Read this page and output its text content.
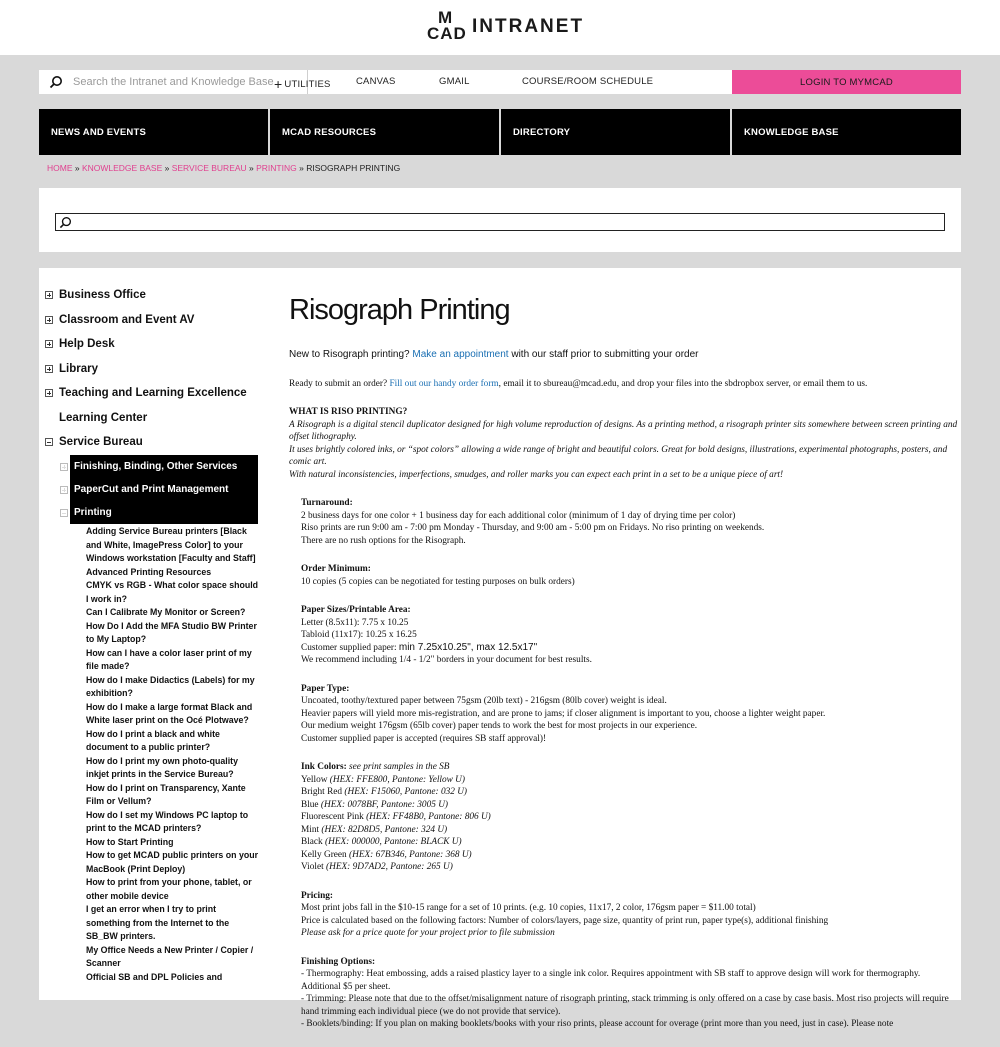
M
CAD INTRANET
Search the Intranet and Knowledge Base
+ UTILITIES	CANVAS	GMAIL	COURSE/ROOM SCHEDULE	LOGIN TO MYMCAD
NEWS AND EVENTS	MCAD RESOURCES	DIRECTORY	KNOWLEDGE BASE
HOME » KNOWLEDGE BASE » SERVICE BUREAU » PRINTING » RISOGRAPH PRINTING
Business Office
Classroom and Event AV
Help Desk
Library
Teaching and Learning Excellence
Learning Center
Service Bureau
Finishing, Binding, Other Services
PaperCut and Print Management
Printing
Adding Service Bureau printers [Black and White, ImagePress Color] to your Windows workstation [Faculty and Staff]
Advanced Printing Resources
CMYK vs RGB - What color space should I work in?
Can I Calibrate My Monitor or Screen?
How Do I Add the MFA Studio BW Printer to My Laptop?
How can I have a color laser print of my file made?
How do I make Didactics (Labels) for my exhibition?
How do I make a large format Black and White laser print on the Océ Plotwave?
How do I print a black and white document to a public printer?
How do I print my own photo-quality inkjet prints in the Service Bureau?
How do I print on Transparency, Xante Film or Vellum?
How do I set my Windows PC laptop to print to the MCAD printers?
How to Start Printing
How to get MCAD public printers on your MacBook (Print Deploy)
How to print from your phone, tablet, or other mobile device
I get an error when I try to print something from the Internet to the SB_BW printers.
My Office Needs a New Printer / Copier / Scanner
Official SB and DPL Policies and
Risograph Printing

New to Risograph printing? Make an appointment with our staff prior to submitting your order

Ready to submit an order? Fill out our handy order form, email it to sbureau@mcad.edu, and drop your files into the sbdropbox server, or email them to us.

WHAT IS RISO PRINTING?
A Risograph is a digital stencil duplicator designed for high volume reproduction of designs. As a printing method, a risograph printer sits somewhere between screen printing and offset lithography.
It uses brightly colored inks, or “spot colors” allowing a wide range of bright and beautiful colors. Great for bold designs, illustrations, experimental photographs, posters, and comic art.
With natural inconsistencies, imperfections, smudges, and roller marks you can expect each print in a set to be a unique piece of art!
Turnaround:
2 business days for one color + 1 business day for each additional color (minimum of 1 day of drying time per color)
Riso prints are run 9:00 am - 7:00 pm Monday - Thursday, and 9:00 am - 5:00 pm on Fridays. No riso printing on weekends.
There are no rush options for the Risograph.
Order Minimum:
10 copies (5 copies can be negotiated for testing purposes on bulk orders)
Paper Sizes/Printable Area:
Letter (8.5x11): 7.75 x 10.25
Tabloid (11x17): 10.25 x 16.25
Customer supplied paper: min 7.25x10.25", max 12.5x17"
We recommend including 1/4 - 1/2" borders in your document for best results.
Paper Type:
Uncoated, toothy/textured paper between 75gsm (20lb text) - 216gsm (80lb cover) weight is ideal.
Heavier papers will yield more mis-registration, and are prone to jams; if closer alignment is important to you, choose a lighter weight paper.
Our medium weight 176gsm (65lb cover) paper tends to work the best for most projects in our experience.
Customer supplied paper is accepted (requires SB staff approval)!
Ink Colors: see print samples in the SB
Yellow (HEX: FFE800, Pantone: Yellow U)
Bright Red (HEX: F15060, Pantone: 032 U)
Blue (HEX: 0078BF, Pantone: 3005 U)
Fluorescent Pink (HEX: FF48B0, Pantone: 806 U)
Mint (HEX: 82D8D5, Pantone: 324 U)
Black (HEX: 000000, Pantone: BLACK U)
Kelly Green (HEX: 67B346, Pantone: 368 U)
Violet (HEX: 9D7AD2, Pantone: 265 U)
Pricing:
Most print jobs fall in the $10-15 range for a set of 10 prints. (e.g. 10 copies, 11x17, 2 color, 176gsm paper = $11.00 total)
Price is calculated based on the following factors: Number of colors/layers, page size, quantity of print run, paper type(s), additional finishing
Please ask for a price quote for your project prior to file submission
Finishing Options:
- Thermography: Heat embossing, adds a raised plasticy layer to a single ink color. Requires appointment with SB staff to approve design will work for thermography. Additional $5 per sheet.
- Trimming: Please note that due to the offset/misalignment nature of risograph printing, stack trimming is only offered on a case by case basis. Most riso projects will require hand trimming each individual piece (we do not provide that service).
- Booklets/binding: If you plan on making booklets/books with your riso prints, please account for overage (print more than you need, just in case). Please note
